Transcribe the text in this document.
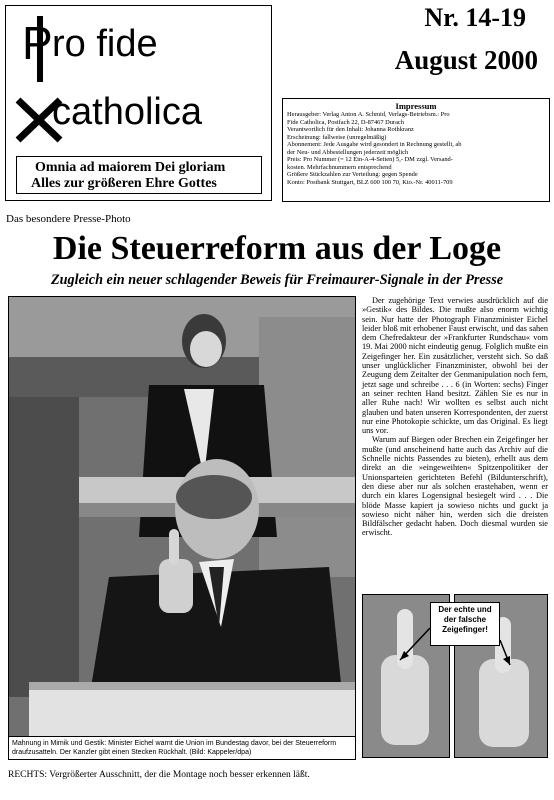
P ro fide
catholica
Omnia ad maiorem Dei gloriam
Alles zur größeren Ehre Gottes
Nr. 14-19
August 2000
Impressum
Herausgeber: Verlag Anton A. Schmid, Verlags-Betriebsm.: Pro
Fide Catholica, Postfach 22, D-87467 Durach
Verantwortlich für den Inhalt: Johanna Rothkranz
Erscheinung: fallweise (unregelmäßig)
Abonnement: Jede Ausgabe wird gesondert in Rechnung gestellt, ab
der Neu- und Abbestellungen jederzeit möglich
Preis: Pro Nummer (= 12 Ein-A-4-Seiten) 5,- DM zzgl. Versand-
kosten. Mehrfachnummern entsprechend
Größere Stückzahlen zur Verteilung: gegen Spende
Konto: Postbank Stuttgart, BLZ 600 100 70, Kto.-Nr. 40011-709
Das besondere Presse-Photo
Die Steuerreform aus der Loge
Zugleich ein neuer schlagender Beweis für Freimaurer-Signale in der Presse
Mahnung in Mimik und Gestik: Minister Eichel warnt die Union im Bundestag davor, bei der Steuerreform draufzusatteln. Der Kanzler gibt einen Stecken Rückhalt. (Bild: Kappeler/dpa)
Der zugehörige Text verwies ausdrücklich auf die »Gestik« des Bildes. Die mußte also enorm wichtig sein. Nur hatte der Photograph Finanzminister Eichel leider bloß mit erhobener Faust erwischt, und das sahen dem Chefredakteur der »Frankfurter Rundschau« vom 19. Mai 2000 nicht eindeutig genug. Folglich mußte ein Zeigefinger her. Ein zusätzlicher, versteht sich. So daß unser unglücklicher Finanzminister, obwohl bei der Zeugung dem Zeitalter der Genmanipulation noch fern, jetzt sage und schreibe . . . 6 (in Worten: sechs) Finger an seiner rechten Hand besitzt. Zählen Sie es nur in aller Ruhe nach! Wir wollten es selbst auch nicht glauben und baten unseren Korrespondenten, der zuerst nur eine Photokopie schickte, um das Original. Es liegt uns vor.
Warum auf Biegen oder Brechen ein Zeigefinger her mußte (und anscheinend hatte auch das Archiv auf die Schnelle nichts Passendes zu bieten), erhellt aus dem direkt an die »eingeweihten« Spitzenpolitiker der Unionsparteien gerichteten Befehl (Bildunterschrift), den diese aber nur als solchen erastehaben, wenn er durch ein klares Logensignal besiegelt wird . . . Die blöde Masse kapiert ja sowieso nichts und guckt ja sowieso nicht näher hin, werden sich die dreisten Bildfälscher gedacht haben. Doch diesmal wurden sie erwischt.
Der echte und der falsche Zeigefinger!
RECHTS: Vergrößerter Ausschnitt, der die Montage noch besser erkennen läßt.
